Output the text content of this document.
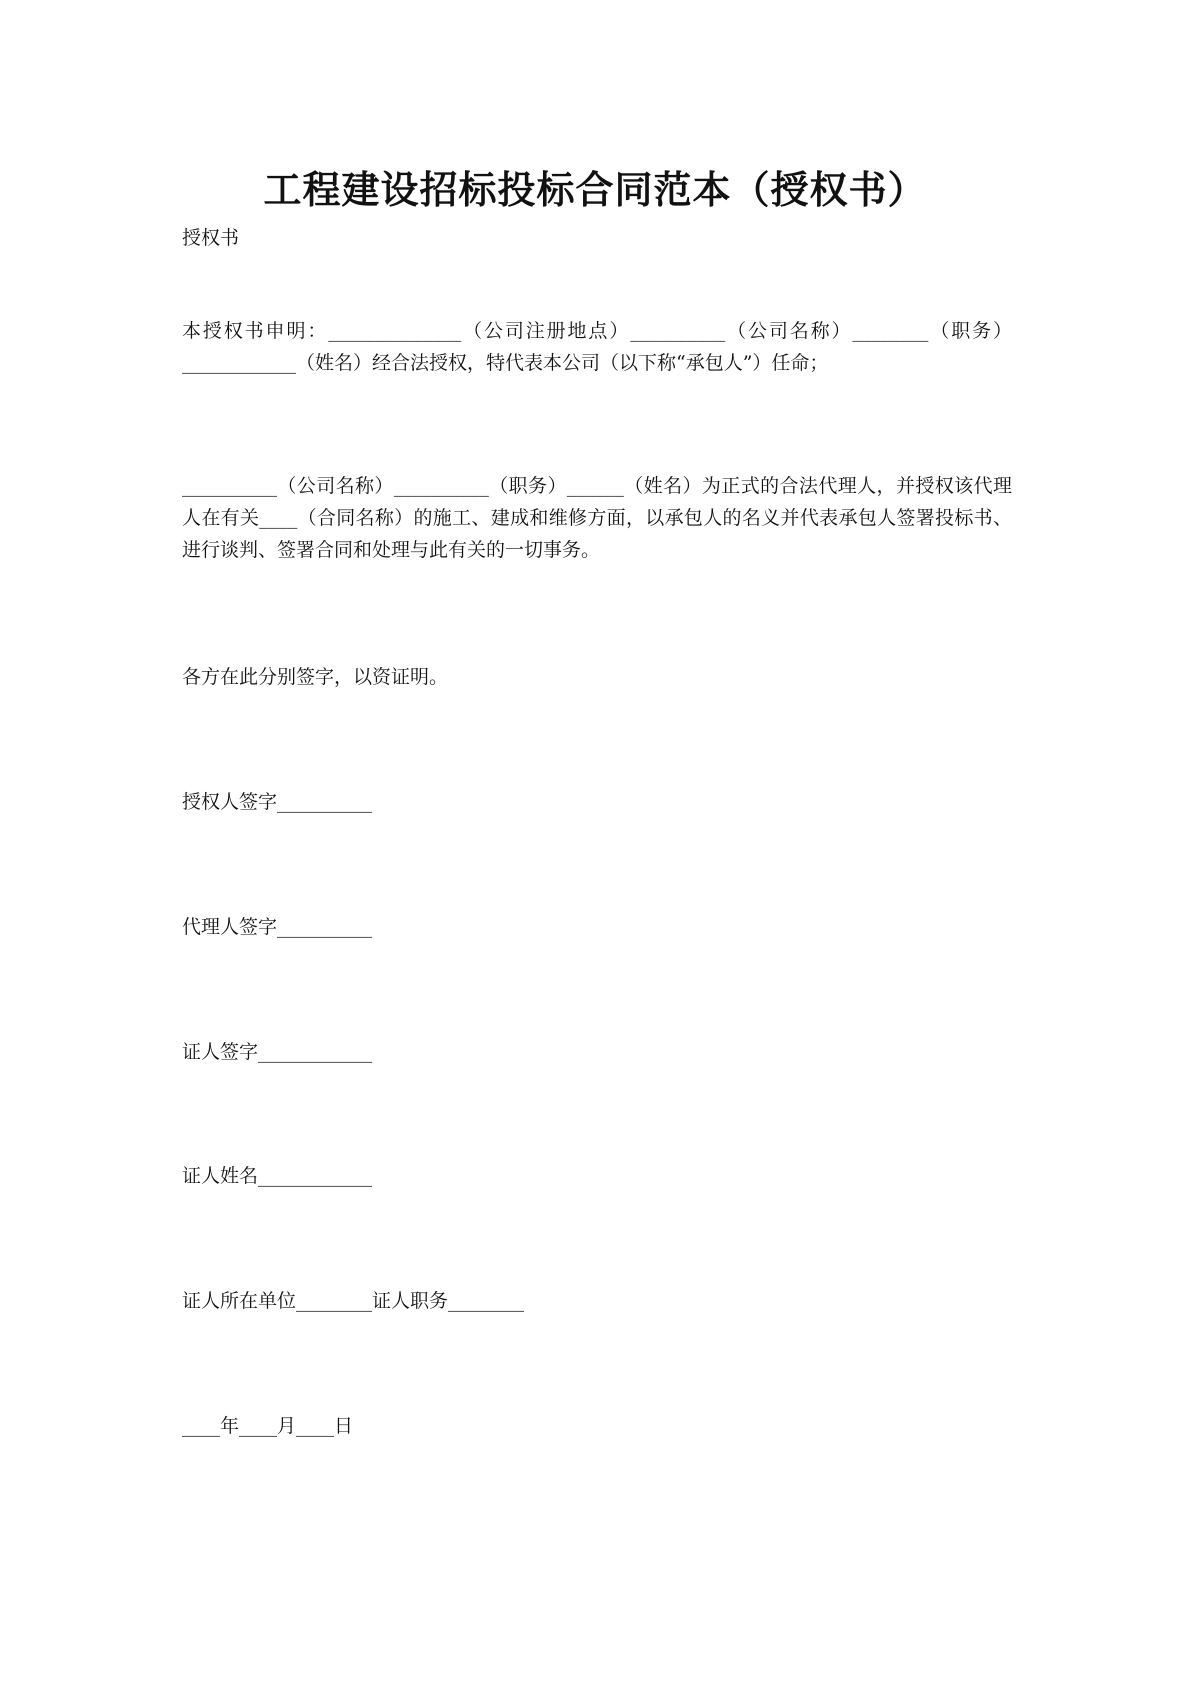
工程建设招标投标合同范本（授权书）
授权书
本授权书申明：______________（公司注册地点）__________（公司名称）________（职务）____________（姓名）经合法授权，特代表本公司（以下称“承包人”）任命；
__________（公司名称）__________（职务）______（姓名）为正式的合法代理人，并授权该代理人在有关____（合同名称）的施工、建成和维修方面，以承包人的名义并代表承包人签署投标书、进行谈判、签署合同和处理与此有关的一切事务。
各方在此分别签字，以资证明。
授权人签字__________
代理人签字__________
证人签字____________
证人姓名____________
证人所在单位________证人职务________
____年____月____日
